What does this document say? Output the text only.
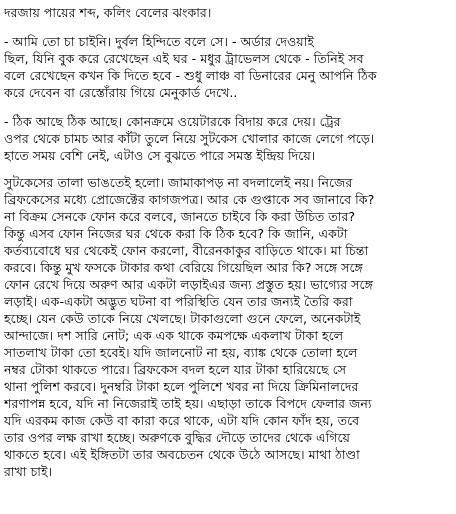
দরজায় পায়ের শব্দ, কলিং বেলের ঝংকার।
- আমি তো চা চাইনি। দুর্বল হিন্দিতে বলে সে। - অর্ডার দেওয়াই
ছিল, যিনি বুক করে রেখেছেন এই ঘর - মধুর ট্রাভেলস থেকে - তিনিই সব
বলে রেখেছেন কখন কি দিতে হবে - শুধু লাঞ্চ বা ডিনারের মেনু আপনি ঠিক
করে দেবেন বা রেস্তোঁরায় গিয়ে মেনুকার্ড দেখে..
- ঠিক আছে ঠিক আছে। কোনক্রমে ওয়েটারকে বিদায় করে দেয়। ট্রের
ওপর থেকে চামচ আর কাঁটা তুলে নিয়ে সুটকেস খোলার কাজে লেগে পড়ে।
হাতে সময় বেশি নেই, এটাও সে বুঝতে পারে সমস্ত ইন্দ্রিয় দিয়ে।
সুটকেসের তালা ভাঙতেই হলো। জামাকাপড় না বদলালেই নয়। নিজের
ব্রিফকেসের মধ্যে প্রোজেক্টের কাগজপত্র। আর কে গুপ্তাকে সব জানাবে কি?
না বিক্রম সেনকে ফোন করে বলবে, জানতে চাইবে কি করা উচিত তার?
কিন্তু এসব ফোন নিজের ঘর থেকে করা কি ঠিক হবে? কি জানি, একটা
কর্তব্যবোধে ঘর থেকেই ফোন করলো, বীরেনকাকুর বাড়িতে থাকে। মা চিন্তা
করবে। কিন্তু মুখ ফসকে টাকার কথা বেরিয়ে গিয়েছিল আর কি? সঙ্গে সঙ্গে
ফোন রেখে দিয়ে অরুণ আর একটা লড়াইএর জন্য প্রস্তুত হয়। ভাগ্যের সঙ্গে
লড়াই। এক-একটা অদ্ভুত ঘটনা বা পরিস্থিতি যেন তার জন্যই তৈরি করা
হচ্ছে। যেন কেউ তাকে নিয়ে খেলছে। টাকাগুলো গুনে ফেলে, অনেকটাই
আন্দাজে। দশ সারি নোট; এক এক থাকে কমপক্ষে একলাখ টাকা হলে
সাতলাখ টাকা তো হবেই। যদি জালনোট না হয়, ব্যাঙ্ক থেকে তোলা হলে
নম্বর টোকা থাকতে পারে। ব্রিফকেস বদল হলে যার টাকা হারিয়েছে সে
থানা পুলিশ করবে। দুনম্বরি টাকা হলে পুলিশে খবর না দিয়ে ক্রিমিনালদের
শরণাপন্ন হবে, যদি না নিজেরাই তাই হয়। এছাড়া তাকে বিপদে ফেলার জন্য
যদি এরকম কাজ কেউ বা কারা করে থাকে, এটা যদি কোন ফাঁদ হয়, তবে
তার ওপর লক্ষ রাখা হচ্ছে। অরুণকে বুদ্ধির দৌড়ে তাদের থেকে এগিয়ে
থাকতে হবে। এই ইঙ্গিতটা তার অবচেতন থেকে উঠে আসছে। মাথা ঠাণ্ডা
রাখা চাই।
